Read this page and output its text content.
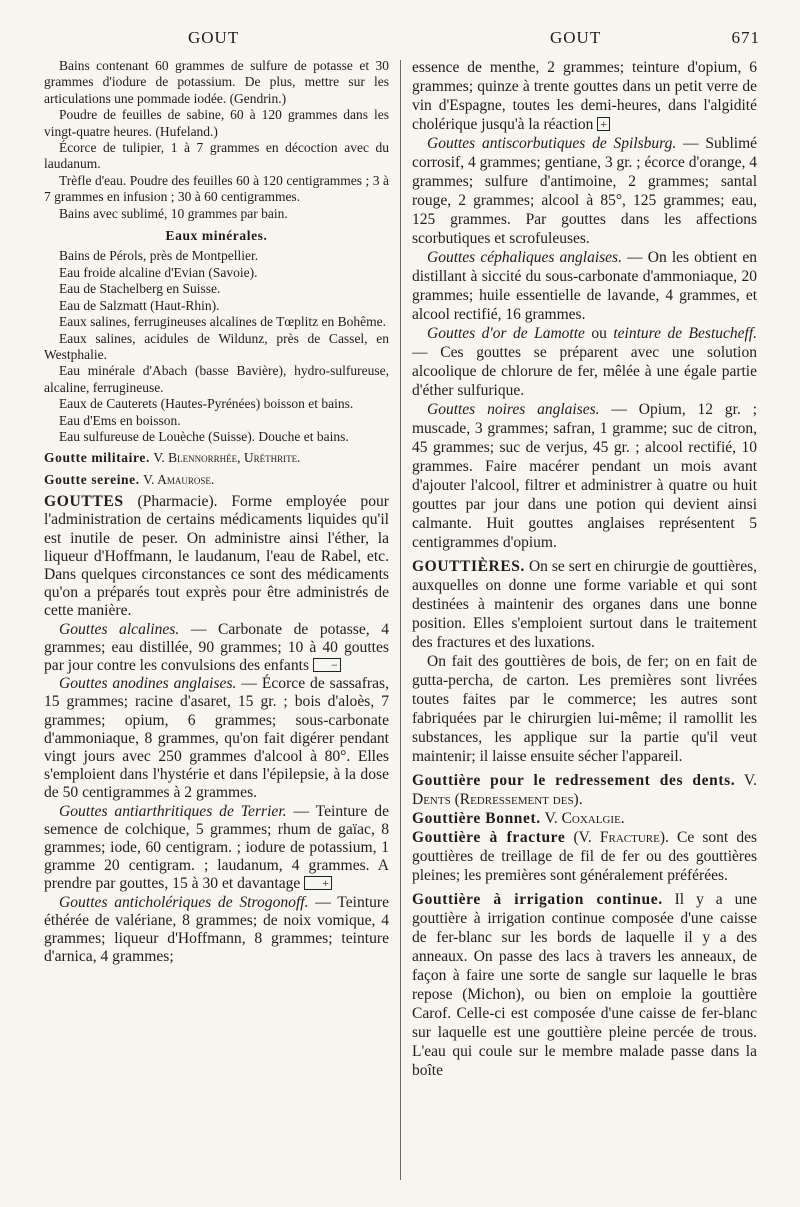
GOUT	GOUT	671

Bains contenant 60 grammes de sulfure de potasse et 30 grammes d'iodure de potassium. De plus, mettre sur les articulations une pommade iodée. (Gendrin.)

Poudre de feuilles de sabine, 60 à 120 grammes dans les vingt-quatre heures. (Hufeland.)

Écorce de tulipier, 1 à 7 grammes en décoction avec du laudanum.

Trèfle d'eau. Poudre des feuilles 60 à 120 centigrammes ; 3 à 7 grammes en infusion ; 30 à 60 centigrammes.

Bains avec sublimé, 10 grammes par bain.

Eaux minérales.

Bains de Pérols, près de Montpellier.

Eau froide alcaline d'Evian (Savoie).

Eau de Stachelberg en Suisse.

Eau de Salzmatt (Haut-Rhin).

Eaux salines, ferrugineuses alcalines de Tœplitz en Bohême.

Eaux salines, acidules de Wildunz, près de Cassel, en Westphalie.

Eau minérale d'Abach (basse Bavière), hydro-sulfureuse, alcaline, ferrugineuse.

Eaux de Cauterets (Hautes-Pyrénées) boisson et bains.

Eau d'Ems en boisson.

Eau sulfureuse de Louèche (Suisse). Douche et bains.

Goutte militaire. V. Blennorrhée, Uréthrite.

Goutte sereine. V. Amaurose.

GOUTTES (Pharmacie). Forme employée pour l'administration de certains médicaments liquides qu'il est inutile de peser. On administre ainsi l'éther, la liqueur d'Hoffmann, le laudanum, l'eau de Rabel, etc. Dans quelques circonstances ce sont des médicaments qu'on a préparés tout exprès pour être administrés de cette manière.

Gouttes alcalines. — Carbonate de potasse, 4 grammes; eau distillée, 90 grammes; 10 à 40 gouttes par jour contre les convulsions des enfants −

Gouttes anodines anglaises. — Écorce de sassafras, 15 grammes; racine d'asaret, 15 gr. ; bois d'aloès, 7 grammes; opium, 6 grammes; sous-carbonate d'ammoniaque, 8 grammes, qu'on fait digérer pendant vingt jours avec 250 grammes d'alcool à 80°. Elles s'emploient dans l'hystérie et dans l'épilepsie, à la dose de 50 centigrammes à 2 grammes.

Gouttes antiarthritiques de Terrier. — Teinture de semence de colchique, 5 grammes; rhum de gaïac, 8 grammes; iode, 60 centigram. ; iodure de potassium, 1 gramme 20 centigram. ; laudanum, 4 grammes. A prendre par gouttes, 15 à 30 et davantage +

Gouttes anticholériques de Strogonoff. — Teinture éthérée de valériane, 8 grammes; de noix vomique, 4 grammes; liqueur d'Hoffmann, 8 grammes; teinture d'arnica, 4 grammes;

essence de menthe, 2 grammes; teinture d'opium, 6 grammes; quinze à trente gouttes dans un petit verre de vin d'Espagne, toutes les demi-heures, dans l'algidité cholérique jusqu'à la réaction +

Gouttes antiscorbutiques de Spilsburg. — Sublimé corrosif, 4 grammes; gentiane, 3 gr. ; écorce d'orange, 4 grammes; sulfure d'antimoine, 2 grammes; santal rouge, 2 grammes; alcool à 85°, 125 grammes; eau, 125 grammes. Par gouttes dans les affections scorbutiques et scrofuleuses.

Gouttes céphaliques anglaises. — On les obtient en distillant à siccité du sous-carbonate d'ammoniaque, 20 grammes; huile essentielle de lavande, 4 grammes, et alcool rectifié, 16 grammes.

Gouttes d'or de Lamotte ou teinture de Bestucheff. — Ces gouttes se préparent avec une solution alcoolique de chlorure de fer, mêlée à une égale partie d'éther sulfurique.

Gouttes noires anglaises. — Opium, 12 gr. ; muscade, 3 grammes; safran, 1 gramme; suc de citron, 45 grammes; suc de verjus, 45 gr. ; alcool rectifié, 10 grammes. Faire macérer pendant un mois avant d'ajouter l'alcool, filtrer et administrer à quatre ou huit gouttes par jour dans une potion qui devient ainsi calmante. Huit gouttes anglaises représentent 5 centigrammes d'opium.

GOUTTIÈRES. On se sert en chirurgie de gouttières, auxquelles on donne une forme variable et qui sont destinées à maintenir des organes dans une bonne position. Elles s'emploient surtout dans le traitement des fractures et des luxations.

On fait des gouttières de bois, de fer; on en fait de gutta-percha, de carton. Les premières sont livrées toutes faites par le commerce; les autres sont fabriquées par le chirurgien lui-même; il ramollit les substances, les applique sur la partie qu'il veut maintenir; il laisse ensuite sécher l'appareil.

Gouttière pour le redressement des dents. V. Dents (Redressement des).

Gouttière Bonnet. V. Coxalgie.

Gouttière à fracture (V. Fracture). Ce sont des gouttières de treillage de fil de fer ou des gouttières pleines; les premières sont généralement préférées.

Gouttière à irrigation continue. Il y a une gouttière à irrigation continue composée d'une caisse de fer-blanc sur les bords de laquelle il y a des anneaux. On passe des lacs à travers les anneaux, de façon à faire une sorte de sangle sur laquelle le bras repose (Michon), ou bien on emploie la gouttière Carof. Celle-ci est composée d'une caisse de fer-blanc sur laquelle est une gouttière pleine percée de trous. L'eau qui coule sur le membre malade passe dans la boîte
